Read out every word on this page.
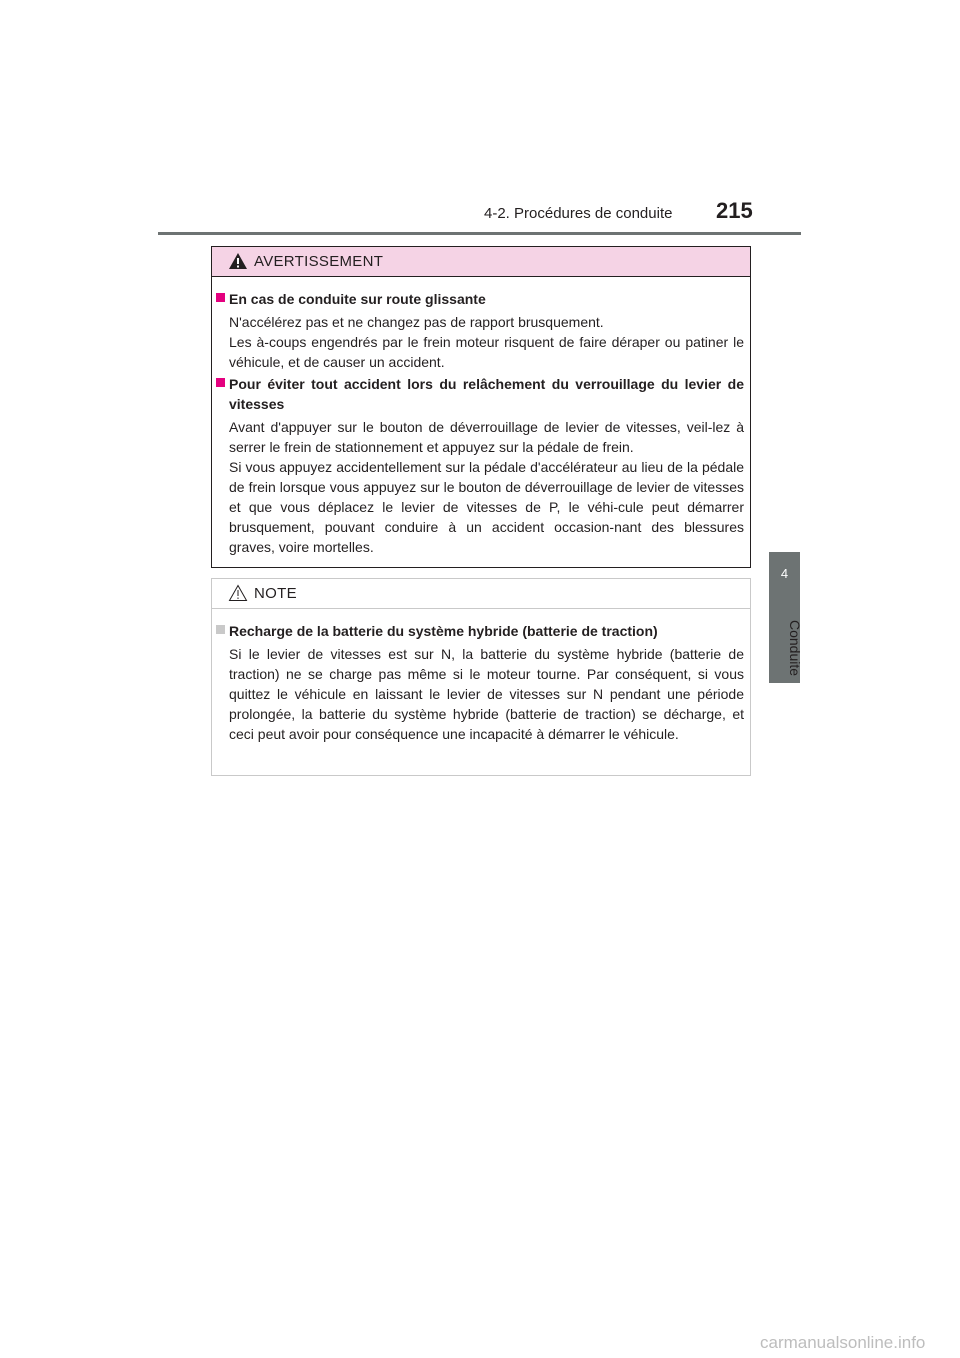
4-2. Procédures de conduite 215
4
Conduite
AVERTISSEMENT
En cas de conduite sur route glissante

N'accélérez pas et ne changez pas de rapport brusquement.

Les à-coups engendrés par le frein moteur risquent de faire déraper ou patiner le véhicule, et de causer un accident.

Pour éviter tout accident lors du relâchement du verrouillage du levier de vitesses

Avant d'appuyer sur le bouton de déverrouillage de levier de vitesses, veil-lez à serrer le frein de stationnement et appuyez sur la pédale de frein.

Si vous appuyez accidentellement sur la pédale d'accélérateur au lieu de la pédale de frein lorsque vous appuyez sur le bouton de déverrouillage de levier de vitesses et que vous déplacez le levier de vitesses de P, le véhi-cule peut démarrer brusquement, pouvant conduire à un accident occasion-nant des blessures graves, voire mortelles.

NOTE
Recharge de la batterie du système hybride (batterie de traction)

Si le levier de vitesses est sur N, la batterie du système hybride (batterie de traction) ne se charge pas même si le moteur tourne. Par conséquent, si vous quittez le véhicule en laissant le levier de vitesses sur N pendant une période prolongée, la batterie du système hybride (batterie de traction) se décharge, et ceci peut avoir pour conséquence une incapacité à démarrer le véhicule.

carmanualsonline.info
